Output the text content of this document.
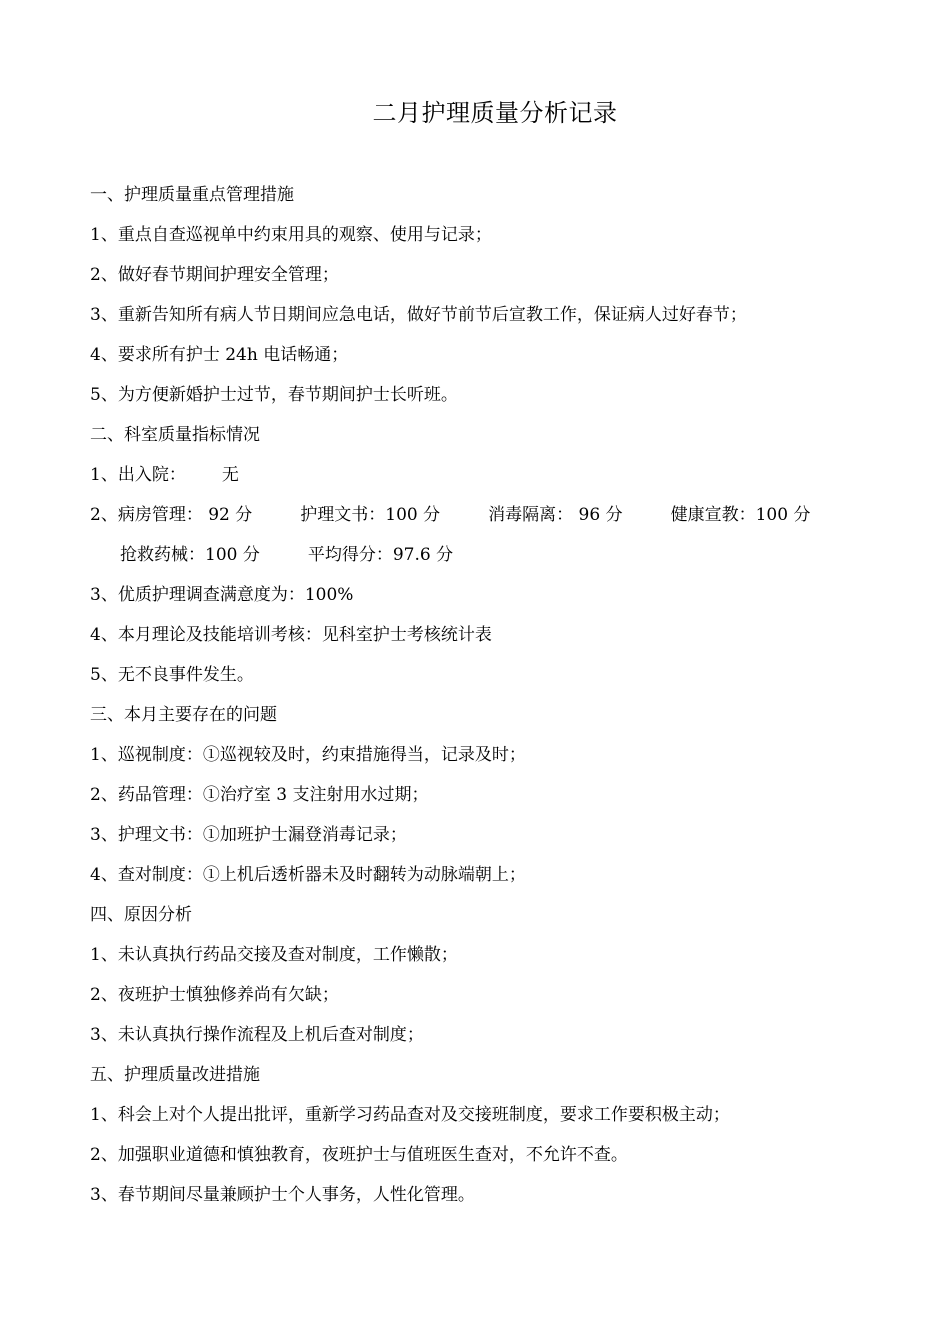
二月护理质量分析记录
一、护理质量重点管理措施
1、重点自查巡视单中约束用具的观察、使用与记录；
2、做好春节期间护理安全管理；
3、重新告知所有病人节日期间应急电话，做好节前节后宣教工作，保证病人过好春节；
4、要求所有护士 24h 电话畅通；
5、为方便新婚护士过节，春节期间护士长听班。
二、科室质量指标情况
1、出入院： 无
2、病房管理： 92 分	护理文书：100 分	消毒隔离： 96 分	健康宣教：100 分
抢救药械：100 分	平均得分：97.6 分
3、优质护理调查满意度为：100%
4、本月理论及技能培训考核：见科室护士考核统计表
5、无不良事件发生。
三、本月主要存在的问题
1、巡视制度：①巡视较及时，约束措施得当，记录及时；
2、药品管理：①治疗室 3 支注射用水过期；
3、护理文书：①加班护士漏登消毒记录；
4、查对制度：①上机后透析器未及时翻转为动脉端朝上；
四、原因分析
1、未认真执行药品交接及查对制度，工作懒散；
2、夜班护士慎独修养尚有欠缺；
3、未认真执行操作流程及上机后查对制度；
五、护理质量改进措施
1、科会上对个人提出批评，重新学习药品查对及交接班制度，要求工作要积极主动；
2、加强职业道德和慎独教育，夜班护士与值班医生查对，不允许不查。
3、春节期间尽量兼顾护士个人事务，人性化管理。
